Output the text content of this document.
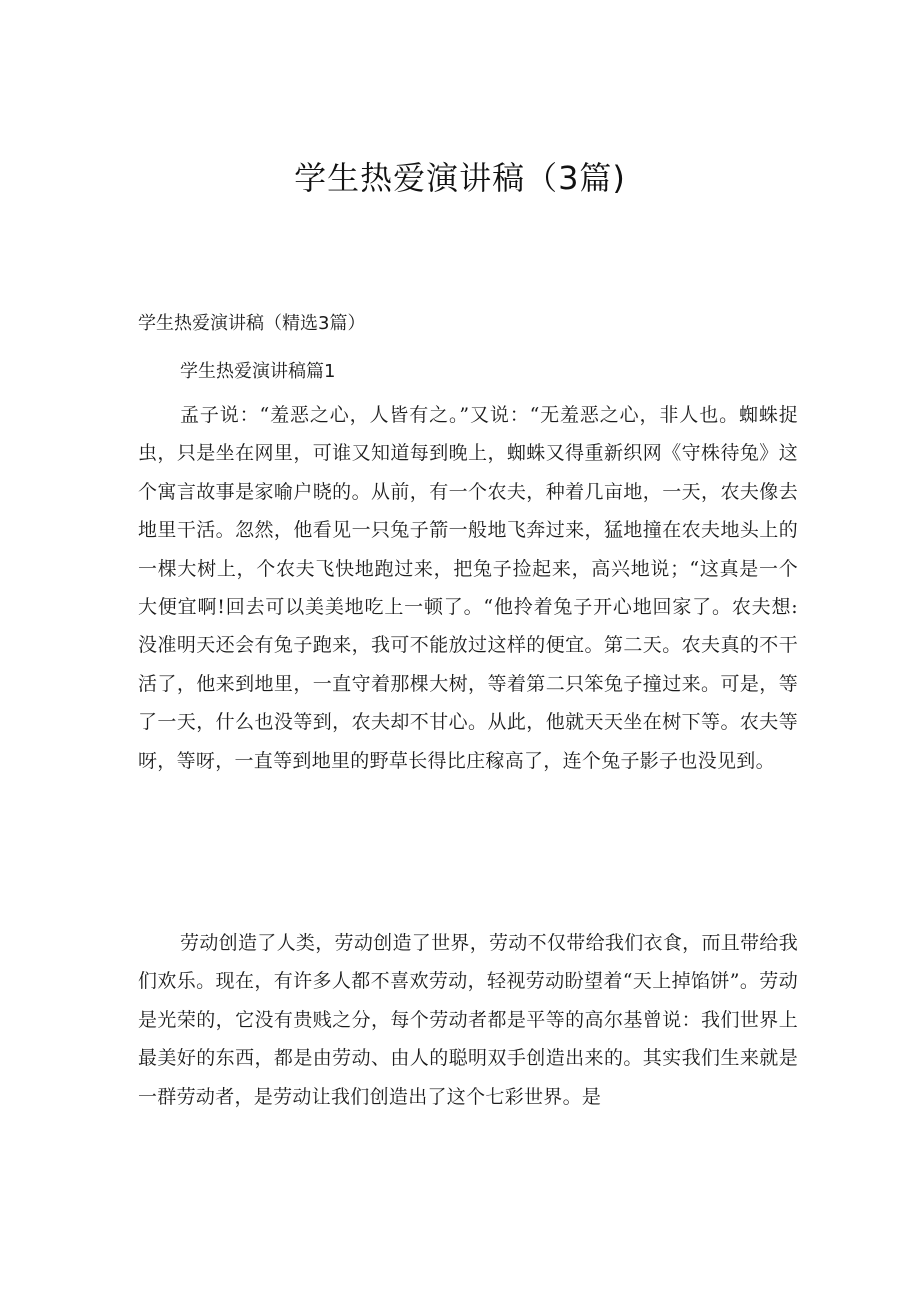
学生热爱演讲稿（3篇)

学生热爱演讲稿（精选3篇）

学生热爱演讲稿篇1

孟子说：“羞恶之心，人皆有之。”又说：“无羞恶之心，非人也。蜘蛛捉虫，只是坐在网里，可谁又知道每到晚上，蜘蛛又得重新织网《守株待兔》这个寓言故事是家喻户晓的。从前，有一个农夫，种着几亩地，一天，农夫像去地里干活。忽然，他看见一只兔子箭一般地飞奔过来，猛地撞在农夫地头上的一棵大树上，个农夫飞快地跑过来，把兔子捡起来，高兴地说；“这真是一个大便宜啊!回去可以美美地吃上一顿了。“他拎着兔子开心地回家了。农夫想:没准明天还会有兔子跑来，我可不能放过这样的便宜。第二天。农夫真的不干活了，他来到地里，一直守着那棵大树，等着第二只笨兔子撞过来。可是，等了一天，什么也没等到，农夫却不甘心。从此，他就天天坐在树下等。农夫等呀，等呀，一直等到地里的野草长得比庄稼高了，连个兔子影子也没见到。

劳动创造了人类，劳动创造了世界，劳动不仅带给我们衣食，而且带给我们欢乐。现在，有许多人都不喜欢劳动，轻视劳动盼望着“天上掉馅饼”。劳动是光荣的，它没有贵贱之分，每个劳动者都是平等的高尔基曾说：我们世界上最美好的东西，都是由劳动、由人的聪明双手创造出来的。其实我们生来就是一群劳动者，是劳动让我们创造出了这个七彩世界。是
